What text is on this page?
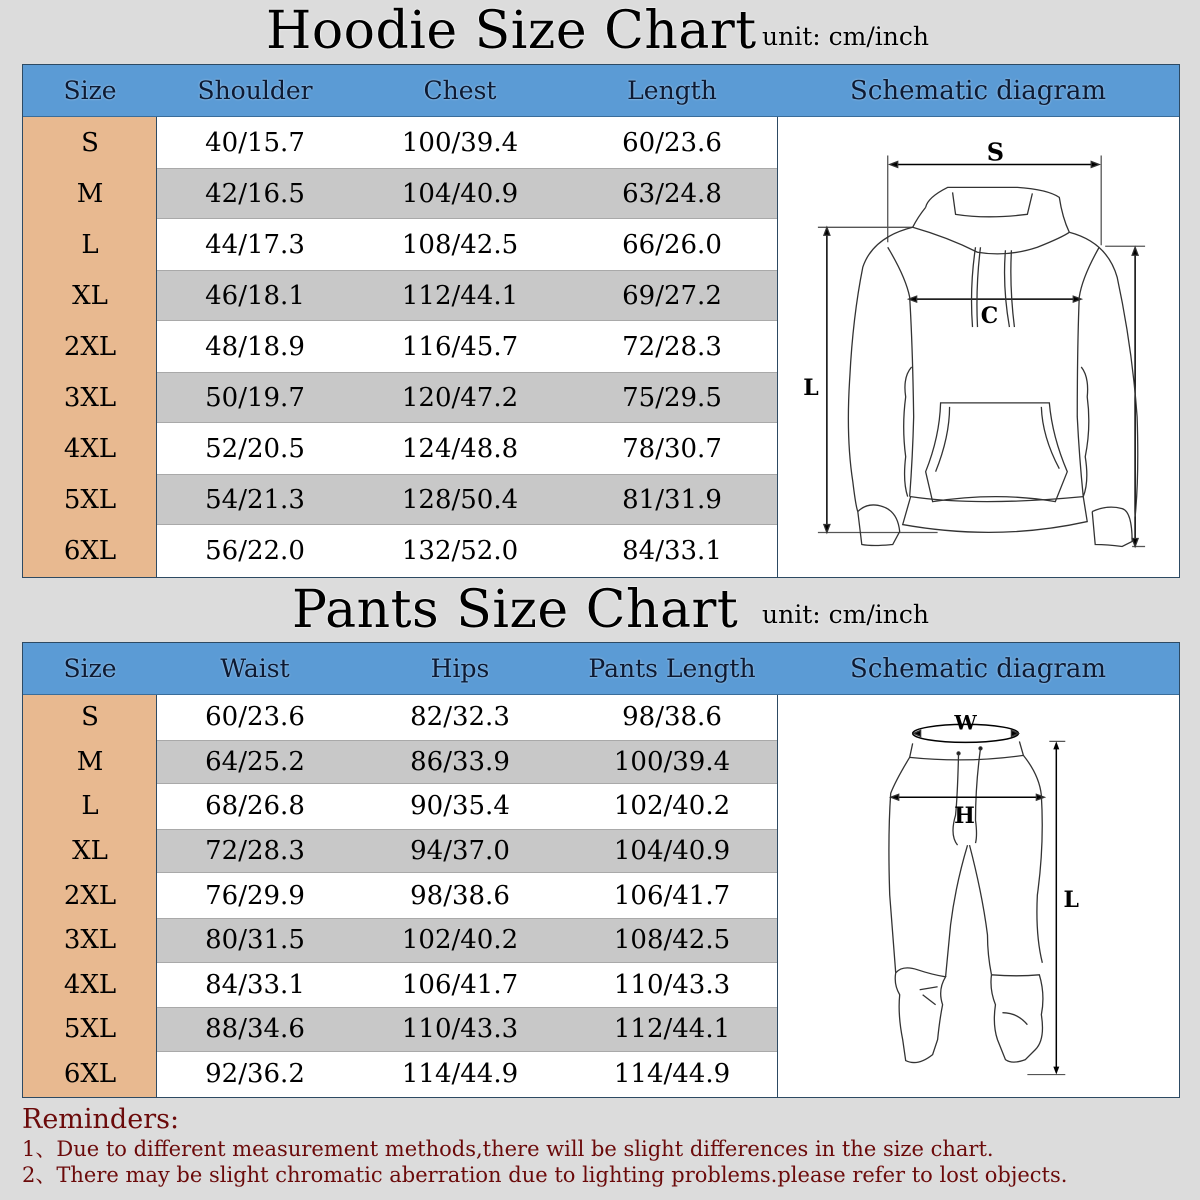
Hoodie Size Chart unit: cm/inch
Size	Shoulder	Chest	Length	Schematic diagram
S
C
L
S	40/15.7	100/39.4	60/23.6
M	42/16.5	104/40.9	63/24.8
L	44/17.3	108/42.5	66/26.0
XL	46/18.1	112/44.1	69/27.2
2XL	48/18.9	116/45.7	72/28.3
3XL	50/19.7	120/47.2	75/29.5
4XL	52/20.5	124/48.8	78/30.7
5XL	54/21.3	128/50.4	81/31.9
6XL	56/22.0	132/52.0	84/33.1
Pants Size Chart unit: cm/inch
Size	Waist	Hips	Pants Length	Schematic diagram
W
H
L
S	60/23.6	82/32.3	98/38.6
M	64/25.2	86/33.9	100/39.4
L	68/26.8	90/35.4	102/40.2
XL	72/28.3	94/37.0	104/40.9
2XL	76/29.9	98/38.6	106/41.7
3XL	80/31.5	102/40.2	108/42.5
4XL	84/33.1	106/41.7	110/43.3
5XL	88/34.6	110/43.3	112/44.1
6XL	92/36.2	114/44.9	114/44.9
Reminders:
1、Due to different measurement methods,there will be slight differences in the size chart.
2、There may be slight chromatic aberration due to lighting problems.please refer to lost objects.
